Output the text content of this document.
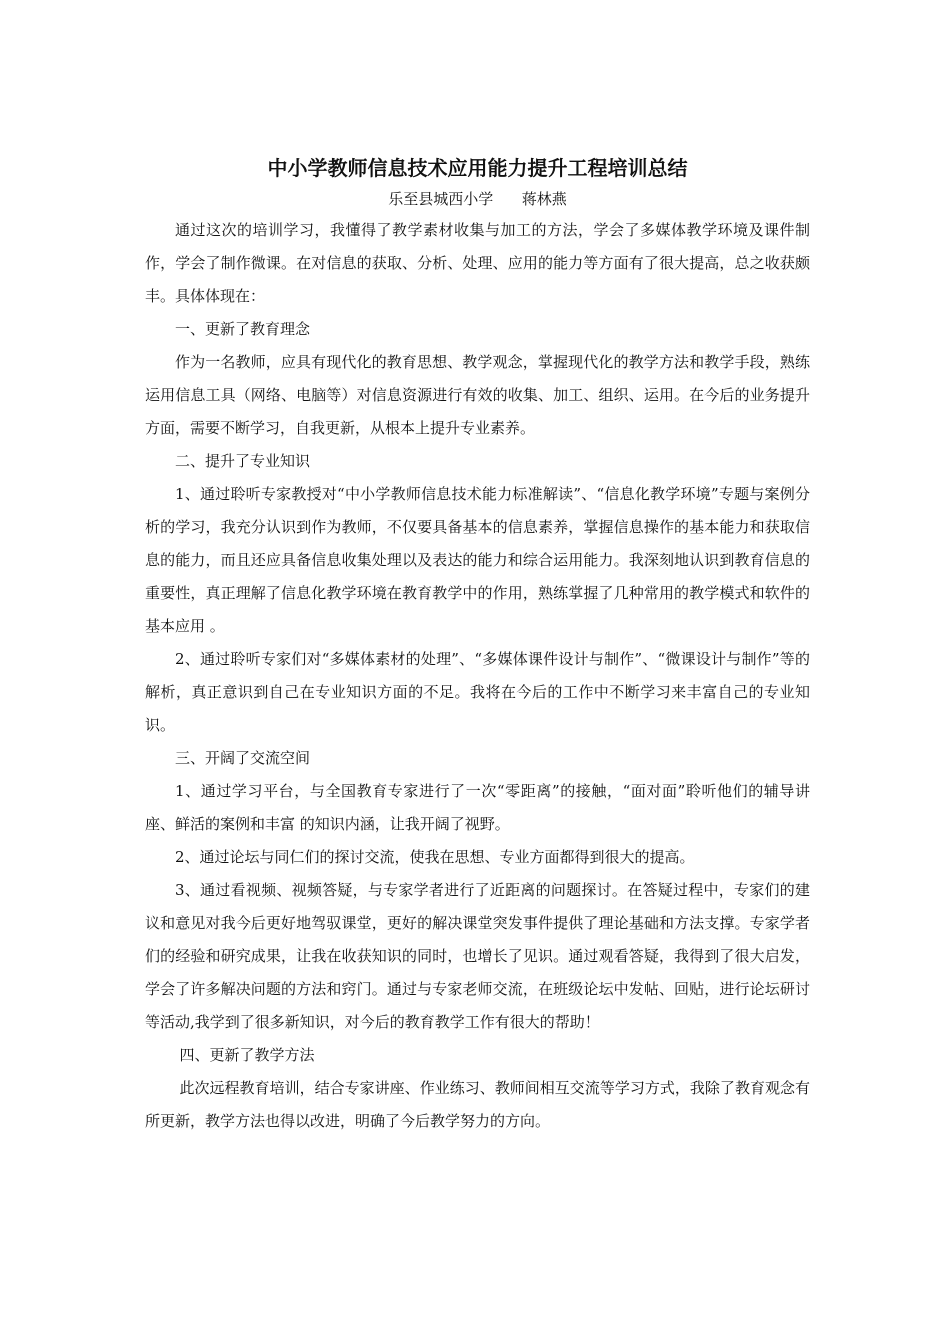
中小学教师信息技术应用能力提升工程培训总结

乐至县城西小学      蒋林燕

通过这次的培训学习，我懂得了教学素材收集与加工的方法，学会了多媒体教学环境及课件制作，学会了制作微课。在对信息的获取、分析、处理、应用的能力等方面有了很大提高，总之收获颇丰。具体体现在：

一、更新了教育理念

作为一名教师，应具有现代化的教育思想、教学观念，掌握现代化的教学方法和教学手段，熟练运用信息工具（网络、电脑等）对信息资源进行有效的收集、加工、组织、运用。在今后的业务提升方面，需要不断学习，自我更新，从根本上提升专业素养。

二、提升了专业知识

1、通过聆听专家教授对“中小学教师信息技术能力标准解读”、“信息化教学环境”专题与案例分析的学习，我充分认识到作为教师，不仅要具备基本的信息素养，掌握信息操作的基本能力和获取信息的能力，而且还应具备信息收集处理以及表达的能力和综合运用能力。我深刻地认识到教育信息的重要性，真正理解了信息化教学环境在教育教学中的作用，熟练掌握了几种常用的教学模式和软件的基本应用 。

2、通过聆听专家们对“多媒体素材的处理”、“多媒体课件设计与制作”、“微课设计与制作”等的解析，真正意识到自己在专业知识方面的不足。我将在今后的工作中不断学习来丰富自己的专业知识。

三、开阔了交流空间

1、通过学习平台，与全国教育专家进行了一次“零距离”的接触，“面对面”聆听他们的辅导讲座、鲜活的案例和丰富 的知识内涵，让我开阔了视野。

2、通过论坛与同仁们的探讨交流，使我在思想、专业方面都得到很大的提高。

3、通过看视频、视频答疑，与专家学者进行了近距离的问题探讨。在答疑过程中，专家们的建议和意见对我今后更好地驾驭课堂，更好的解决课堂突发事件提供了理论基础和方法支撑。专家学者们的经验和研究成果，让我在收获知识的同时，也增长了见识。通过观看答疑，我得到了很大启发，学会了许多解决问题的方法和窍门。通过与专家老师交流，在班级论坛中发帖、回贴，进行论坛研讨等活动,我学到了很多新知识，对今后的教育教学工作有很大的帮助！

四、更新了教学方法

此次远程教育培训，结合专家讲座、作业练习、教师间相互交流等学习方式，我除了教育观念有所更新，教学方法也得以改进，明确了今后教学努力的方向。
